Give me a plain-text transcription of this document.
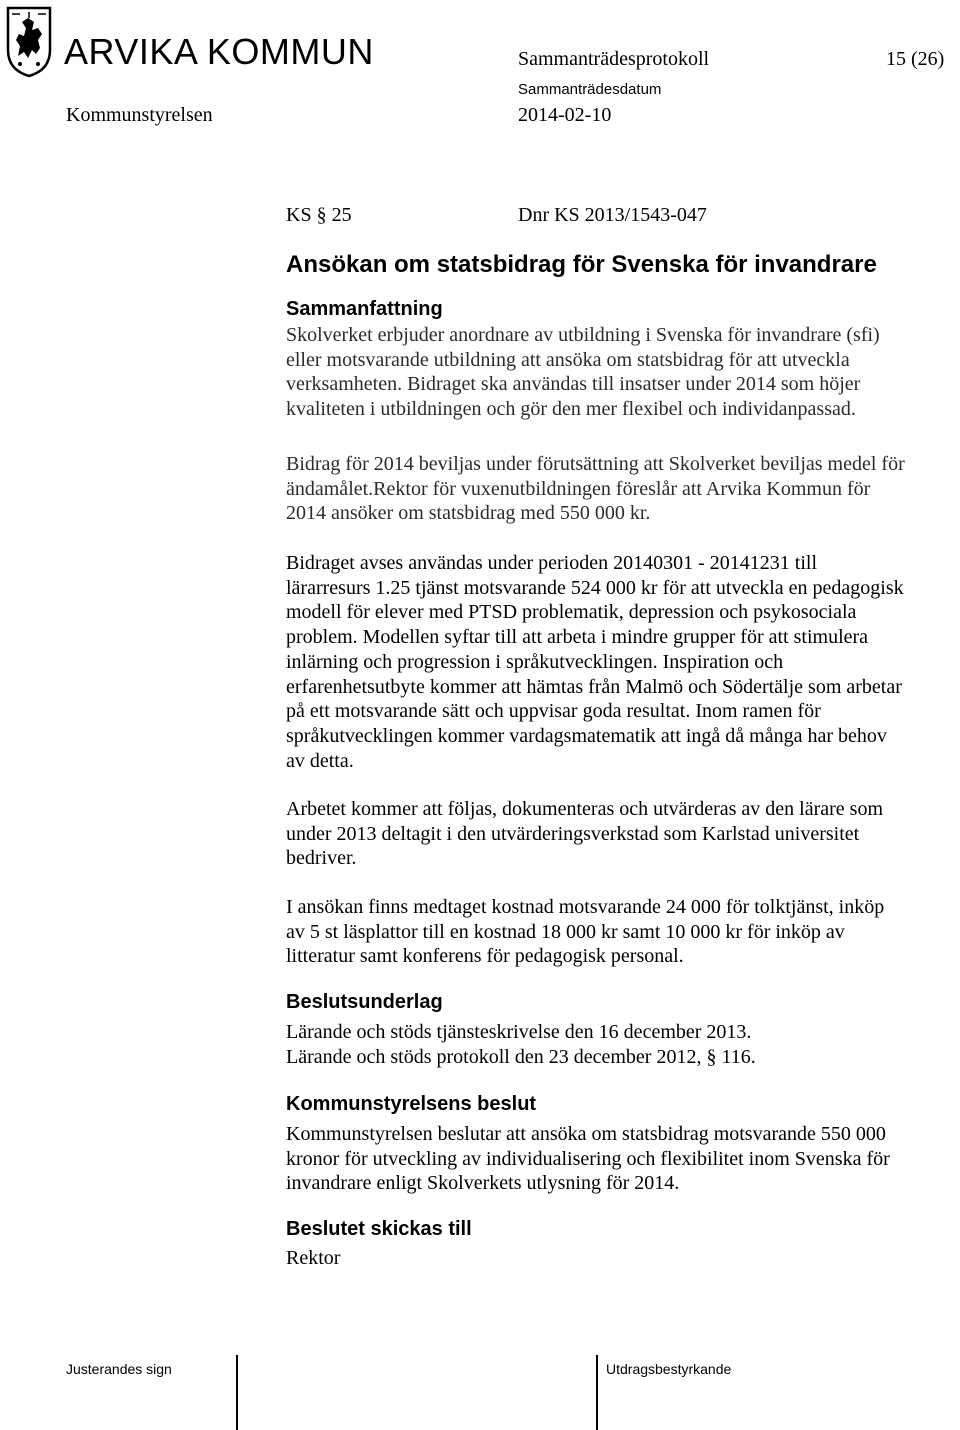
ARVIKA KOMMUN	Sammanträdesprotokoll	15 (26)
Kommunstyrelsen
Sammanträdesdatum
2014-02-10
KS § 25	Dnr KS 2013/1543-047
Ansökan om statsbidrag för Svenska för invandrare
Sammanfattning
Skolverket erbjuder anordnare av utbildning i Svenska för invandrare (sfi)
eller motsvarande utbildning att ansöka om statsbidrag för att utveckla
verksamheten. Bidraget ska användas till insatser under 2014 som höjer
kvaliteten i utbildningen och gör den mer flexibel och individanpassad.
Bidrag för 2014 beviljas under förutsättning att Skolverket beviljas medel för
ändamålet.Rektor för vuxenutbildningen föreslår att Arvika Kommun för
2014 ansöker om statsbidrag med 550 000 kr.
Bidraget avses användas under perioden 20140301 - 20141231 till
lärarresurs 1.25 tjänst motsvarande 524 000 kr för att utveckla en pedagogisk
modell för elever med PTSD problematik, depression och psykosociala
problem. Modellen syftar till att arbeta i mindre grupper för att stimulera
inlärning och progression i språkutvecklingen. Inspiration och
erfarenhetsutbyte kommer att hämtas från Malmö och Södertälje som arbetar
på ett motsvarande sätt och uppvisar goda resultat. Inom ramen för
språkutvecklingen kommer vardagsmatematik att ingå då många har behov
av detta.
Arbetet kommer att följas, dokumenteras och utvärderas av den lärare som
under 2013 deltagit i den utvärderingsverkstad som Karlstad universitet
bedriver.
I ansökan finns medtaget kostnad motsvarande 24 000 för tolktjänst, inköp
av 5 st läsplattor till en kostnad 18 000 kr samt 10 000 kr för inköp av
litteratur samt konferens för pedagogisk personal.
Beslutsunderlag
Lärande och stöds tjänsteskrivelse den 16 december 2013.
Lärande och stöds protokoll den 23 december 2012, § 116.
Kommunstyrelsens beslut
Kommunstyrelsen beslutar att ansöka om statsbidrag motsvarande 550 000
kronor för utveckling av individualisering och flexibilitet inom Svenska för
invandrare enligt Skolverkets utlysning för 2014.
Beslutet skickas till
Rektor
Justerandes sign	Utdragsbestyrkande
